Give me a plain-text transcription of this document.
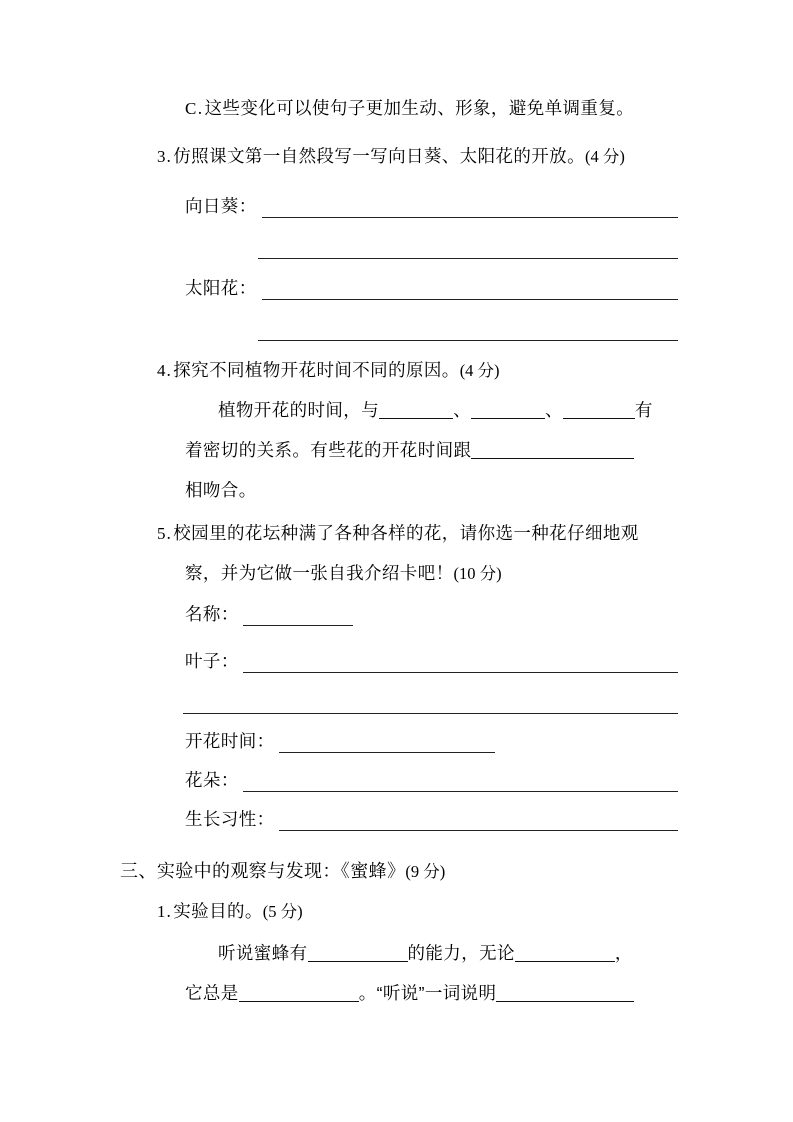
C. 这些变化可以使句子更加生动、形象，避免单调重复。
3. 仿照课文第一自然段写一写向日葵、太阳花的开放。(4 分)
向日葵：
太阳花：
4. 探究不同植物开花时间不同的原因。(4 分)
植物开花的时间，与	、	、	有
着密切的关系。有些花的开花时间跟
相吻合。
5. 校园里的花坛种满了各种各样的花，请你选一种花仔细地观
察，并为它做一张自我介绍卡吧！(10 分)
名称：
叶子：
开花时间：
花朵：
生长习性：
三、实验中的观察与发现：《蜜蜂》(9 分)
1. 实验目的。(5 分)
听说蜜蜂有	的能力，无论	，
它总是	。“听说”一词说明
